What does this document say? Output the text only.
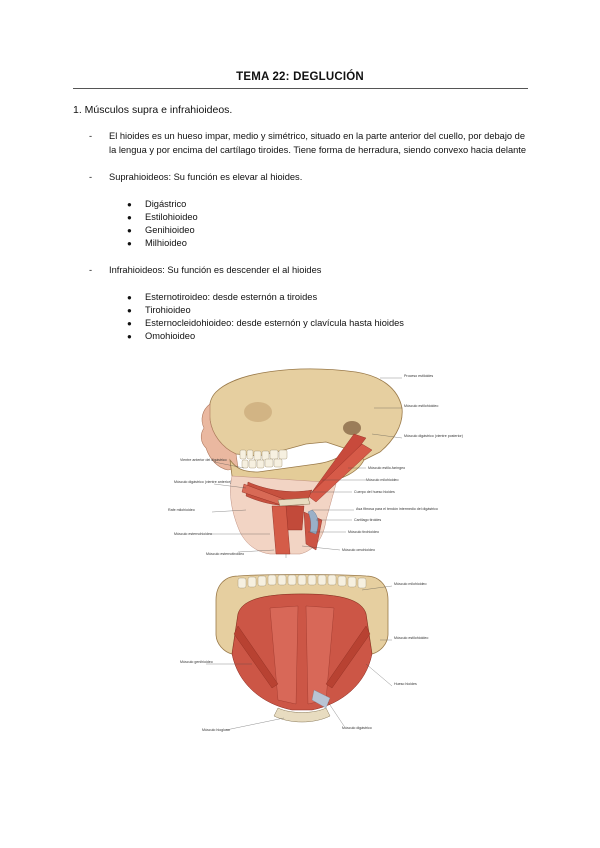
TEMA 22: DEGLUCIÓN
1. Músculos supra e infrahioideos.
- El hioides es un hueso impar, medio y simétrico, situado en la parte anterior del cuello, por debajo de la lengua y por encima del cartílago tiroides. Tiene forma de herradura, siendo convexo hacia delante
- Suprahioideos: Su función es elevar al hioides.
● Digástrico
● Estilohioideo
● Genihioideo
● Milhioideo
- Infrahioideos: Su función es descender el al hioides
● Esternotiroideo: desde esternón a tiroides
● Tirohioideo
● Esternocleidohioideo: desde esternón y clavícula hasta hioides
● Omohioideo
Proceso estiloides
Músculo estilohioideo
Músculo digástrico (vientre posterior)
Músculo estilo-faríngeo
Músculo milohioideo
Cuerpo del hueso hioides
Asa fibrosa para el tendón intermedio del digástrico
Cartílago tiroides
Músculo tirohioideo
Músculo omohioideo
Vientre anterior del digástrico
Músculo digástrico (vientre anterior)
Rafe milohioideo
Músculo esternohioideo
Músculo esternotiroideo
Músculo milohioideo
Músculo estilohioideo
Músculo genihioideo
Hueso hioides
Músculo hiogloso	Músculo digástrico
